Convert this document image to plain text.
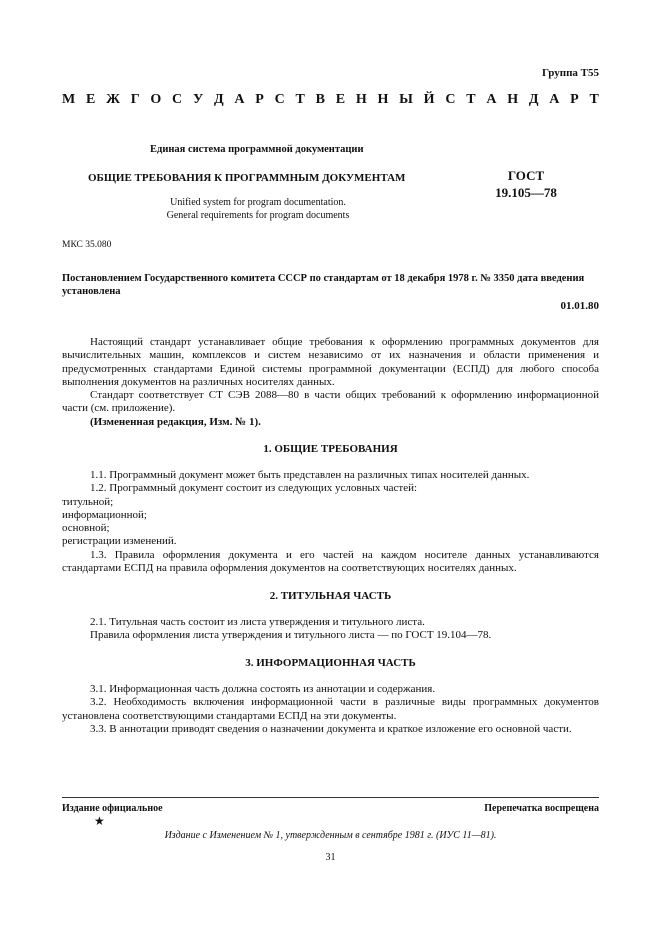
Группа Т55
М Е Ж Г О С У Д А Р С Т В Е Н Н Ы Й С Т А Н Д А Р Т
Единая система программной документации
ОБЩИЕ ТРЕБОВАНИЯ К ПРОГРАММНЫМ ДОКУМЕНТАМ	ГОСТ
19.105—78
Unified system for program documentation.
General requirements for program documents
МКС 35.080
Постановлением Государственного комитета СССР по стандартам от 18 декабря 1978 г. № 3350 дата введения установлена
01.01.80

Настоящий стандарт устанавливает общие требования к оформлению программных документов для вычислительных машин, комплексов и систем независимо от их назначения и области применения и предусмотренных стандартами Единой системы программной документации (ЕСПД) для любого способа выполнения документов на различных носителях данных.

Стандарт соответствует СТ СЭВ 2088—80 в части общих требований к оформлению информационной части (см. приложение).

(Измененная редакция, Изм. № 1).

1. ОБЩИЕ ТРЕБОВАНИЯ

1.1. Программный документ может быть представлен на различных типах носителей данных.

1.2. Программный документ состоит из следующих условных частей:

титульной;

информационной;

основной;

регистрации изменений.

1.3. Правила оформления документа и его частей на каждом носителе данных устанавливаются стандартами ЕСПД на правила оформления документов на соответствующих носителях данных.

2. ТИТУЛЬНАЯ ЧАСТЬ

2.1. Титульная часть состоит из листа утверждения и титульного листа.

Правила оформления листа утверждения и титульного листа — по ГОСТ 19.104—78.

3. ИНФОРМАЦИОННАЯ ЧАСТЬ

3.1. Информационная часть должна состоять из аннотации и содержания.

3.2. Необходимость включения информационной части в различные виды программных документов установлена соответствующими стандартами ЕСПД на эти документы.

3.3. В аннотации приводят сведения о назначении документа и краткое изложение его основной части.

Издание официальное	Перепечатка воспрещена
★
Издание с Изменением № 1, утвержденным в сентябре 1981 г. (ИУС 11—81).
31
